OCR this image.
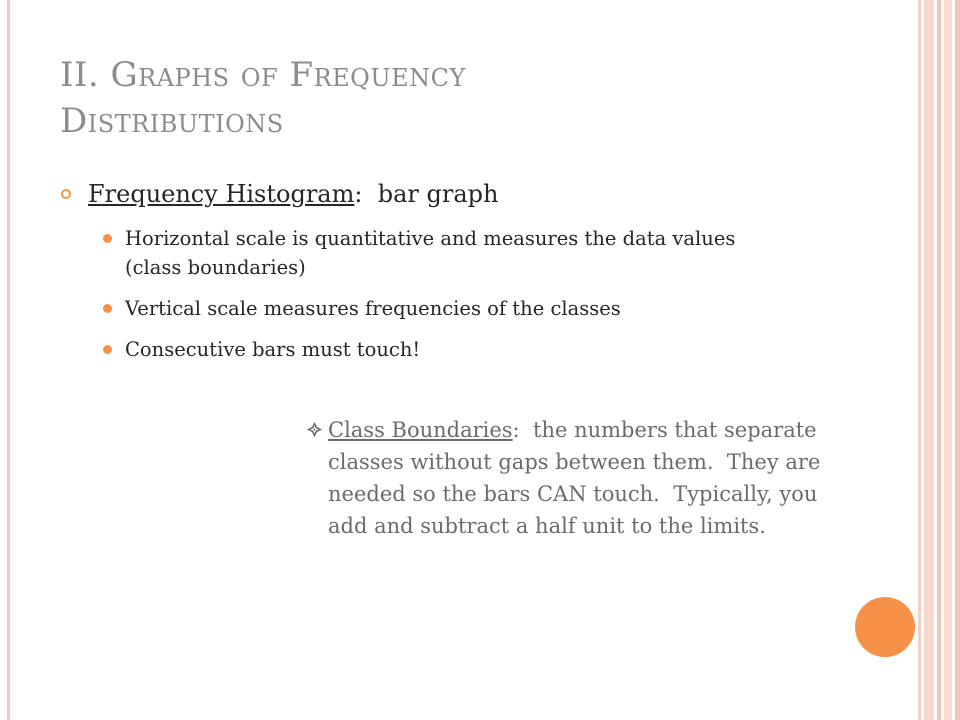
II. Graphs of Frequency
Distributions
Frequency Histogram:  bar graph
Horizontal scale is quantitative and measures the data values (class boundaries)
Vertical scale measures frequencies of the classes
Consecutive bars must touch!
Class Boundaries:  the numbers that separate classes without gaps between them.  They are needed so the bars CAN touch.  Typically, you add and subtract a half unit to the limits.
